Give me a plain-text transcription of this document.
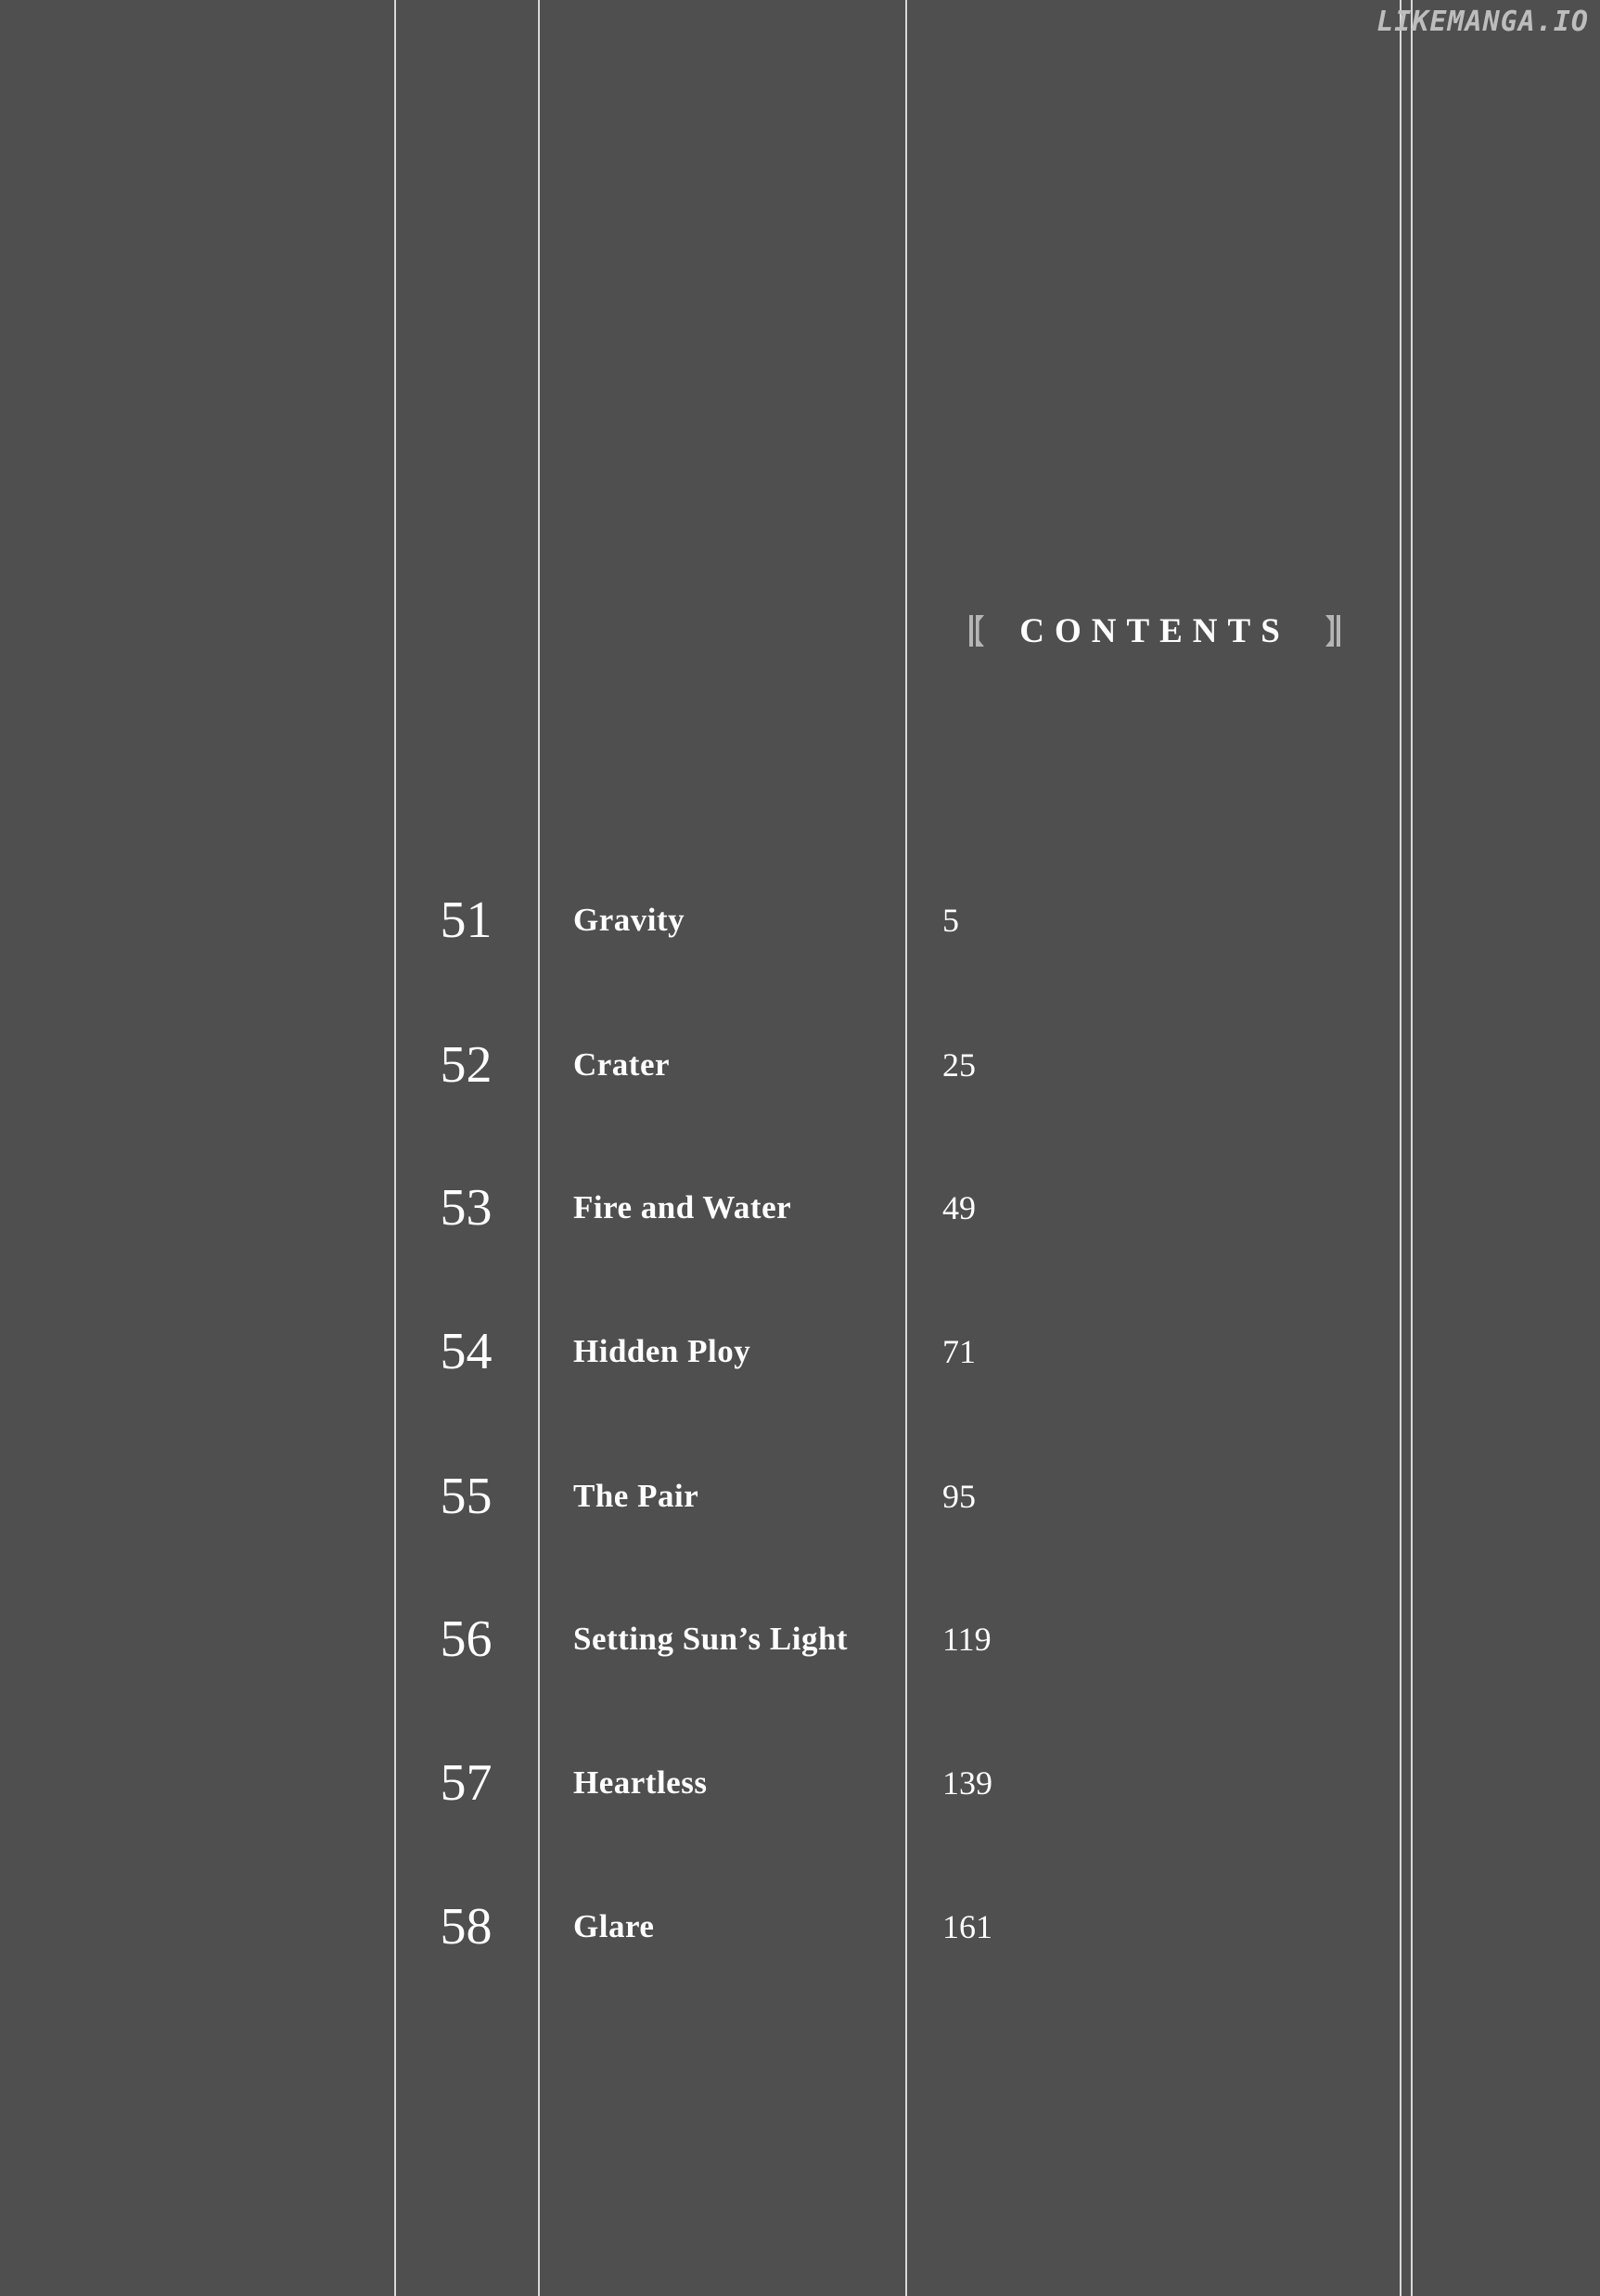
LIKEMANGA.IO
CONTENTS
51	Gravity	5
52	Crater	25
53	Fire and Water	49
54	Hidden Ploy	71
55	The Pair	95
56	Setting Sun’s Light	119
57	Heartless	139
58	Glare	161
